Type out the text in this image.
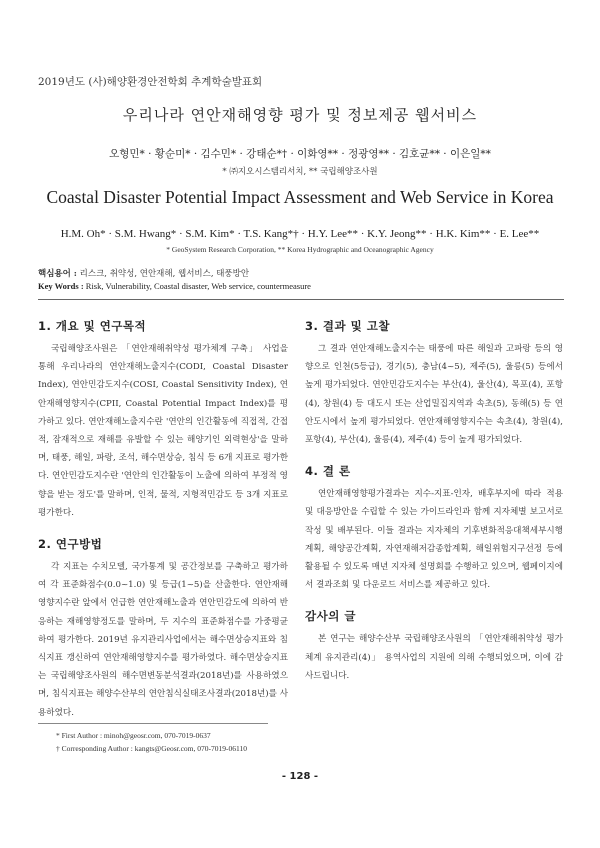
2019년도 (사)해양환경안전학회 추계학술발표회
우리나라 연안재해영향 평가 및 정보제공 웹서비스
오형민* · 황순미* · 김수민* · 강태순*† · 이화영** · 정광영** · 김호균** · 이은일**
* ㈜지오시스템리서치, ** 국립해양조사원
Coastal Disaster Potential Impact Assessment and Web Service in Korea
H.M. Oh* · S.M. Hwang* · S.M. Kim* · T.S. Kang*† · H.Y. Lee** · K.Y. Jeong** · H.K. Kim** · E. Lee**
* GeoSystem Research Corporation, ** Korea Hydrographic and Oceanographic Agency
핵심용어 : 리스크, 취약성, 연안재해, 웹서비스, 태풍방안
Key Words : Risk, Vulnerability, Coastal disaster, Web service, countermeasure
1. 개요 및 연구목적

국립해양조사원은 「연안재해취약성 평가체계 구축」 사업을 통해 우리나라의 연안재해노출지수(CODI, Coastal Disaster Index), 연안민감도지수(COSI, Coastal Sensitivity Index), 연안재해영향지수(CPII, Coastal Potential Impact Index)를 평가하고 있다. 연안재해노출지수란 '연안의 인간활동에 직접적, 간접적, 잠재적으로 재해를 유발할 수 있는 해양기인 외력현상'을 말하며, 태풍, 해일, 파랑, 조석, 해수면상승, 침식 등 6개 지표로 평가한다. 연안민감도지수란 '연안의 인간활동이 노출에 의하여 부정적 영향을 받는 정도'를 말하며, 인적, 물적, 지형적민감도 등 3개 지표로 평가한다.

2. 연구방법

각 지표는 수치모델, 국가통계 및 공간정보를 구축하고 평가하여 각 표준화점수(0.0~1.0) 및 등급(1~5)을 산출한다. 연안재해영향지수란 앞에서 언급한 연안재해노출과 연안민감도에 의하여 반응하는 재해영향정도를 말하며, 두 지수의 표준화점수를 가중평균하여 평가한다. 2019년 유지관리사업에서는 해수면상승지표와 침식지표 갱신하여 연안재해영향지수를 평가하였다. 해수면상승지표는 국립해양조사원의 해수면변동분석결과(2018년)를 사용하였으며, 침식지표는 해양수산부의 연안침식실태조사결과(2018년)를 사용하였다.

3. 결과 및 고찰

그 결과 연안재해노출지수는 태풍에 따른 해일과 고파랑 등의 영향으로 인천(5등급), 경기(5), 충남(4~5), 제주(5), 울릉(5) 등에서 높게 평가되었다. 연안민감도지수는 부산(4), 울산(4), 목포(4), 포항(4), 창원(4) 등 대도시 또는 산업밀집지역과 속초(5), 동해(5) 등 연안도시에서 높게 평가되었다. 연안재해영향지수는 속초(4), 창원(4), 포항(4), 부산(4), 울릉(4), 제주(4) 등이 높게 평가되었다.

4. 결 론

연안재해영향평가결과는 지수-지표-인자, 배후부지에 따라 적용 및 대응방안을 수립할 수 있는 가이드라인과 함께 지자체별 보고서로 작성 및 배부된다. 이들 결과는 지자체의 기후변화적응대책세부시행계획, 해양공간계획, 자연재해저감종합계획, 해일위험지구선정 등에 활용될 수 있도록 매년 지자체 설명회를 수행하고 있으며, 웹페이지에서 결과조회 및 다운로드 서비스를 제공하고 있다.

감사의 글

본 연구는 해양수산부 국립해양조사원의 「연안재해취약성 평가체계 유지관리(4)」 용역사업의 지원에 의해 수행되었으며, 이에 감사드립니다.

* First Author : minoh@geosr.com, 070-7019-0637
† Corresponding Author : kangts@Geosr.com, 070-7019-06110
- 128 -
